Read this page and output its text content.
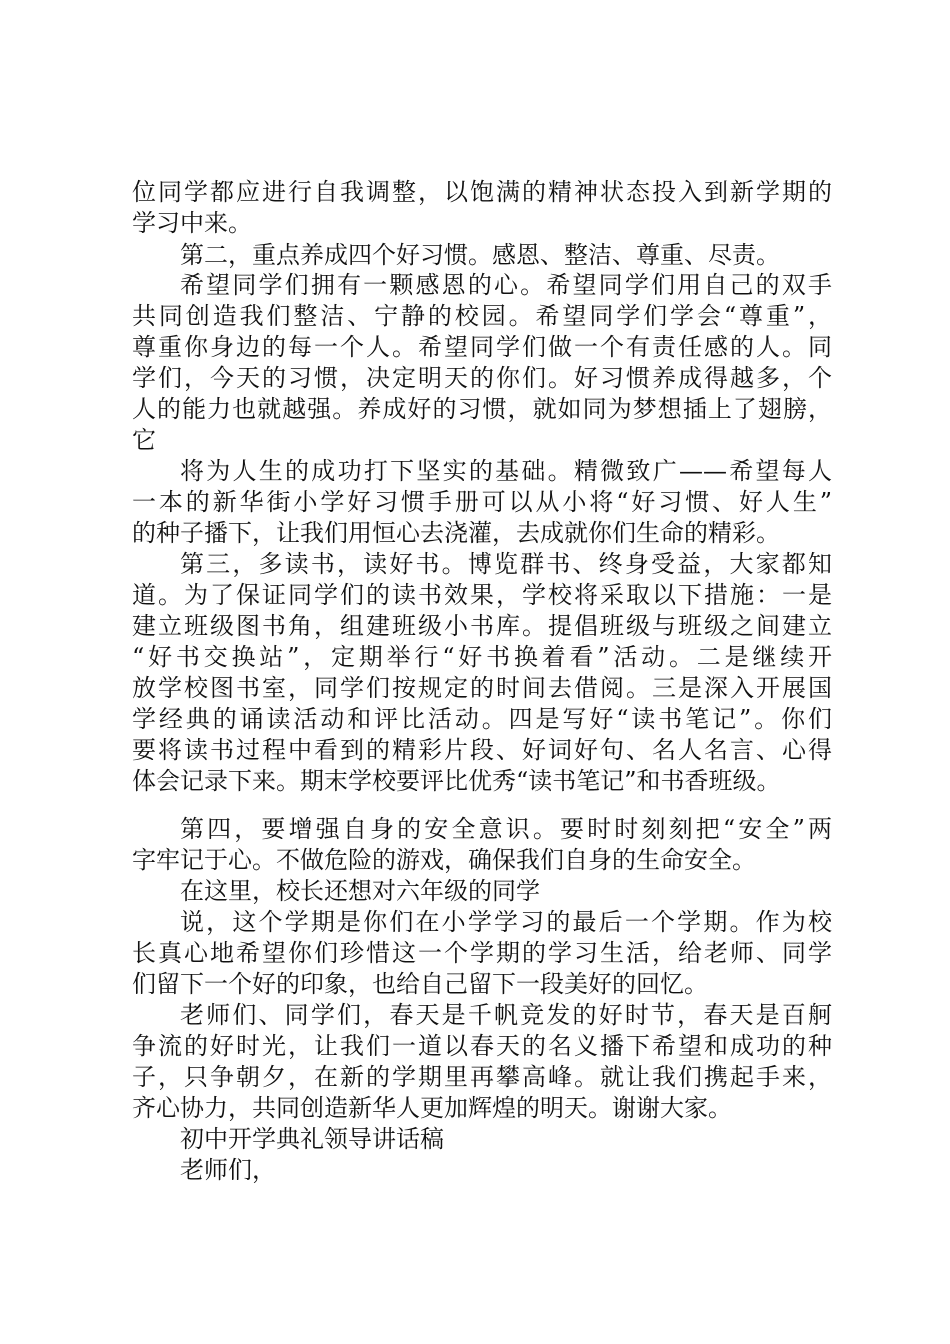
位同学都应进行自我调整，以饱满的精神状态投入到新学期的

学习中来。

第二，重点养成四个好习惯。感恩、整洁、尊重、尽责。

希望同学们拥有一颗感恩的心。希望同学们用自己的双手

共同创造我们整洁、宁静的校园。希望同学们学会“尊重”，

尊重你身边的每一个人。希望同学们做一个有责任感的人。同

学们，今天的习惯，决定明天的你们。好习惯养成得越多，个

人的能力也就越强。养成好的习惯，就如同为梦想插上了翅膀，

它

将为人生的成功打下坚实的基础。精微致广——希望每人

一本的新华街小学好习惯手册可以从小将“好习惯、好人生”

的种子播下，让我们用恒心去浇灌，去成就你们生命的精彩。

第三，多读书，读好书。博览群书、终身受益，大家都知

道。为了保证同学们的读书效果，学校将采取以下措施：一是

建立班级图书角，组建班级小书库。提倡班级与班级之间建立

“好书交换站”，定期举行“好书换着看”活动。二是继续开

放学校图书室，同学们按规定的时间去借阅。三是深入开展国

学经典的诵读活动和评比活动。四是写好“读书笔记”。你们

要将读书过程中看到的精彩片段、好词好句、名人名言、心得

体会记录下来。期末学校要评比优秀“读书笔记”和书香班级。

第四，要增强自身的安全意识。要时时刻刻把“安全”两

字牢记于心。不做危险的游戏，确保我们自身的生命安全。

在这里，校长还想对六年级的同学

说，这个学期是你们在小学学习的最后一个学期。作为校

长真心地希望你们珍惜这一个学期的学习生活，给老师、同学

们留下一个好的印象，也给自己留下一段美好的回忆。

老师们、同学们，春天是千帆竞发的好时节，春天是百舸

争流的好时光，让我们一道以春天的名义播下希望和成功的种

子，只争朝夕，在新的学期里再攀高峰。就让我们携起手来，

齐心协力，共同创造新华人更加辉煌的明天。谢谢大家。

初中开学典礼领导讲话稿

老师们，
